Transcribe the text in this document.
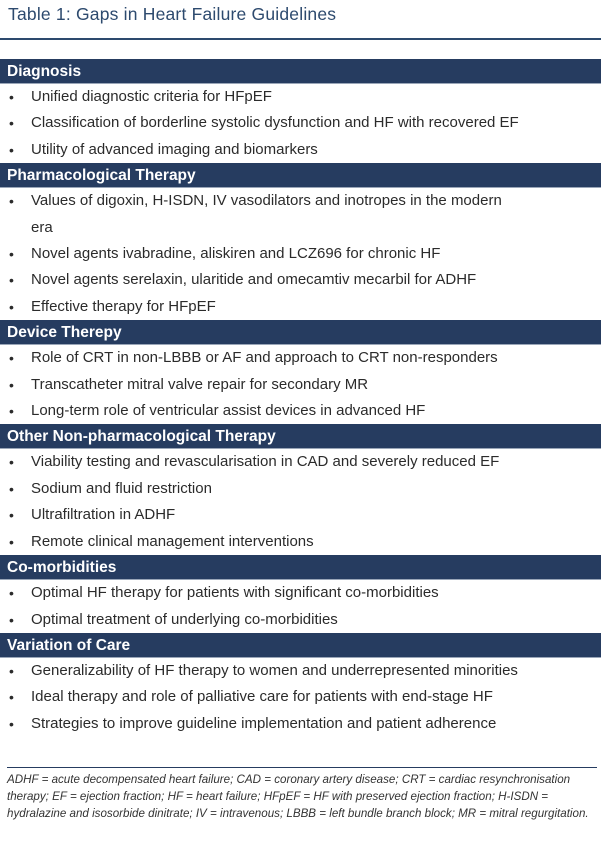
Table 1: Gaps in Heart Failure Guidelines
Diagnosis
• Unified diagnostic criteria for HFpEF
• Classification of borderline systolic dysfunction and HF with recovered EF
• Utility of advanced imaging and biomarkers
Pharmacological Therapy
• Values of digoxin, H-ISDN, IV vasodilators and inotropes in the modern era
• Novel agents ivabradine, aliskiren and LCZ696 for chronic HF
• Novel agents serelaxin, ularitide and omecamtiv mecarbil for ADHF
• Effective therapy for HFpEF
Device Therepy
• Role of CRT in non-LBBB or AF and approach to CRT non-responders
• Transcatheter mitral valve repair for secondary MR
• Long-term role of ventricular assist devices in advanced HF
Other Non-pharmacological Therapy
• Viability testing and revascularisation in CAD and severely reduced EF
• Sodium and fluid restriction
• Ultrafiltration in ADHF
• Remote clinical management interventions
Co-morbidities
• Optimal HF therapy for patients with significant co-morbidities
• Optimal treatment of underlying co-morbidities
Variation of Care
• Generalizability of HF therapy to women and underrepresented minorities
• Ideal therapy and role of palliative care for patients with end-stage HF
• Strategies to improve guideline implementation and patient adherence
ADHF = acute decompensated heart failure; CAD = coronary artery disease; CRT = cardiac resynchronisation therapy; EF = ejection fraction; HF = heart failure; HFpEF = HF with preserved ejection fraction; H-ISDN = hydralazine and isosorbide dinitrate; IV = intravenous; LBBB = left bundle branch block; MR = mitral regurgitation.
